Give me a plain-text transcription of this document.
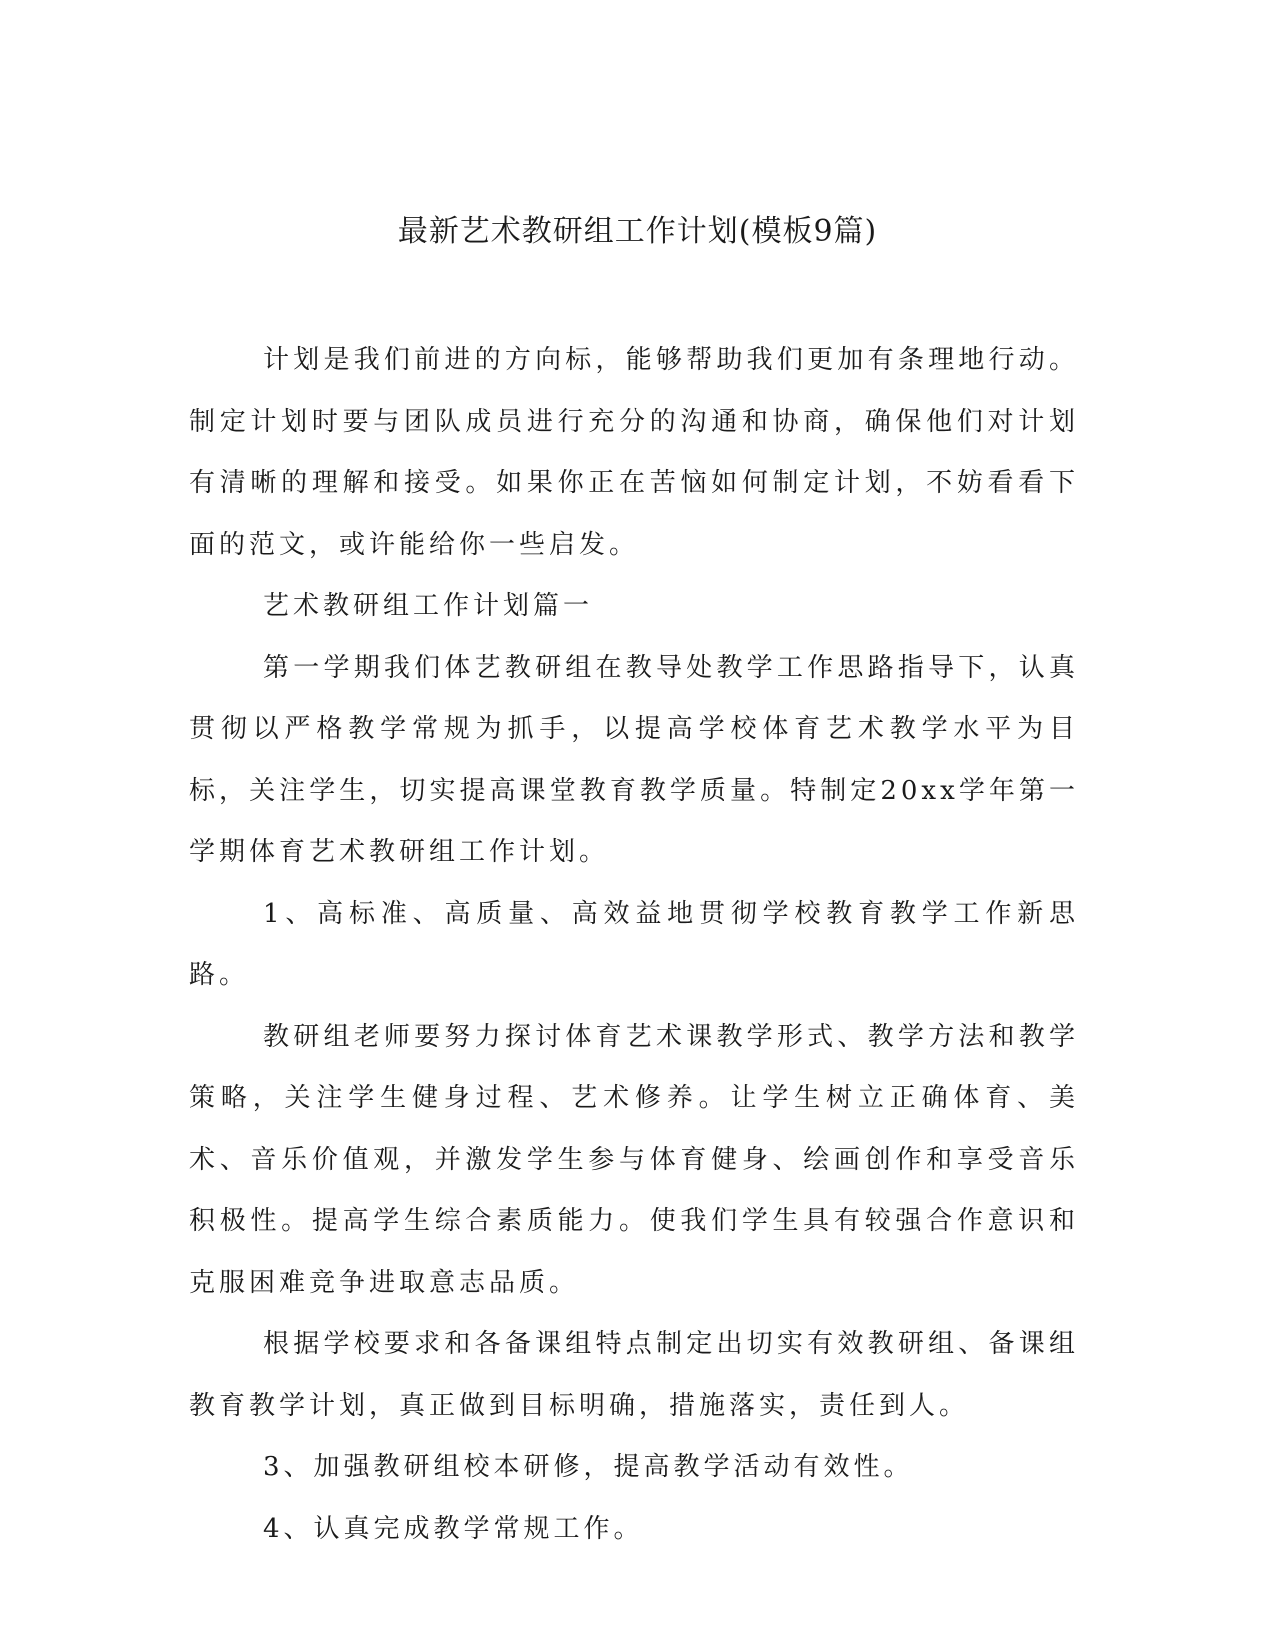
最新艺术教研组工作计划(模板9篇)

计划是我们前进的方向标，能够帮助我们更加有条理地行动。制定计划时要与团队成员进行充分的沟通和协商，确保他们对计划有清晰的理解和接受。如果你正在苦恼如何制定计划，不妨看看下面的范文，或许能给你一些启发。

艺术教研组工作计划篇一

第一学期我们体艺教研组在教导处教学工作思路指导下，认真贯彻以严格教学常规为抓手，以提高学校体育艺术教学水平为目标，关注学生，切实提高课堂教育教学质量。特制定20xx学年第一学期体育艺术教研组工作计划。

1、高标准、高质量、高效益地贯彻学校教育教学工作新思路。

教研组老师要努力探讨体育艺术课教学形式、教学方法和教学策略，关注学生健身过程、艺术修养。让学生树立正确体育、美术、音乐价值观，并激发学生参与体育健身、绘画创作和享受音乐积极性。提高学生综合素质能力。使我们学生具有较强合作意识和克服困难竞争进取意志品质。

根据学校要求和各备课组特点制定出切实有效教研组、备课组教育教学计划，真正做到目标明确，措施落实，责任到人。

3、加强教研组校本研修，提高教学活动有效性。

4、认真完成教学常规工作。
